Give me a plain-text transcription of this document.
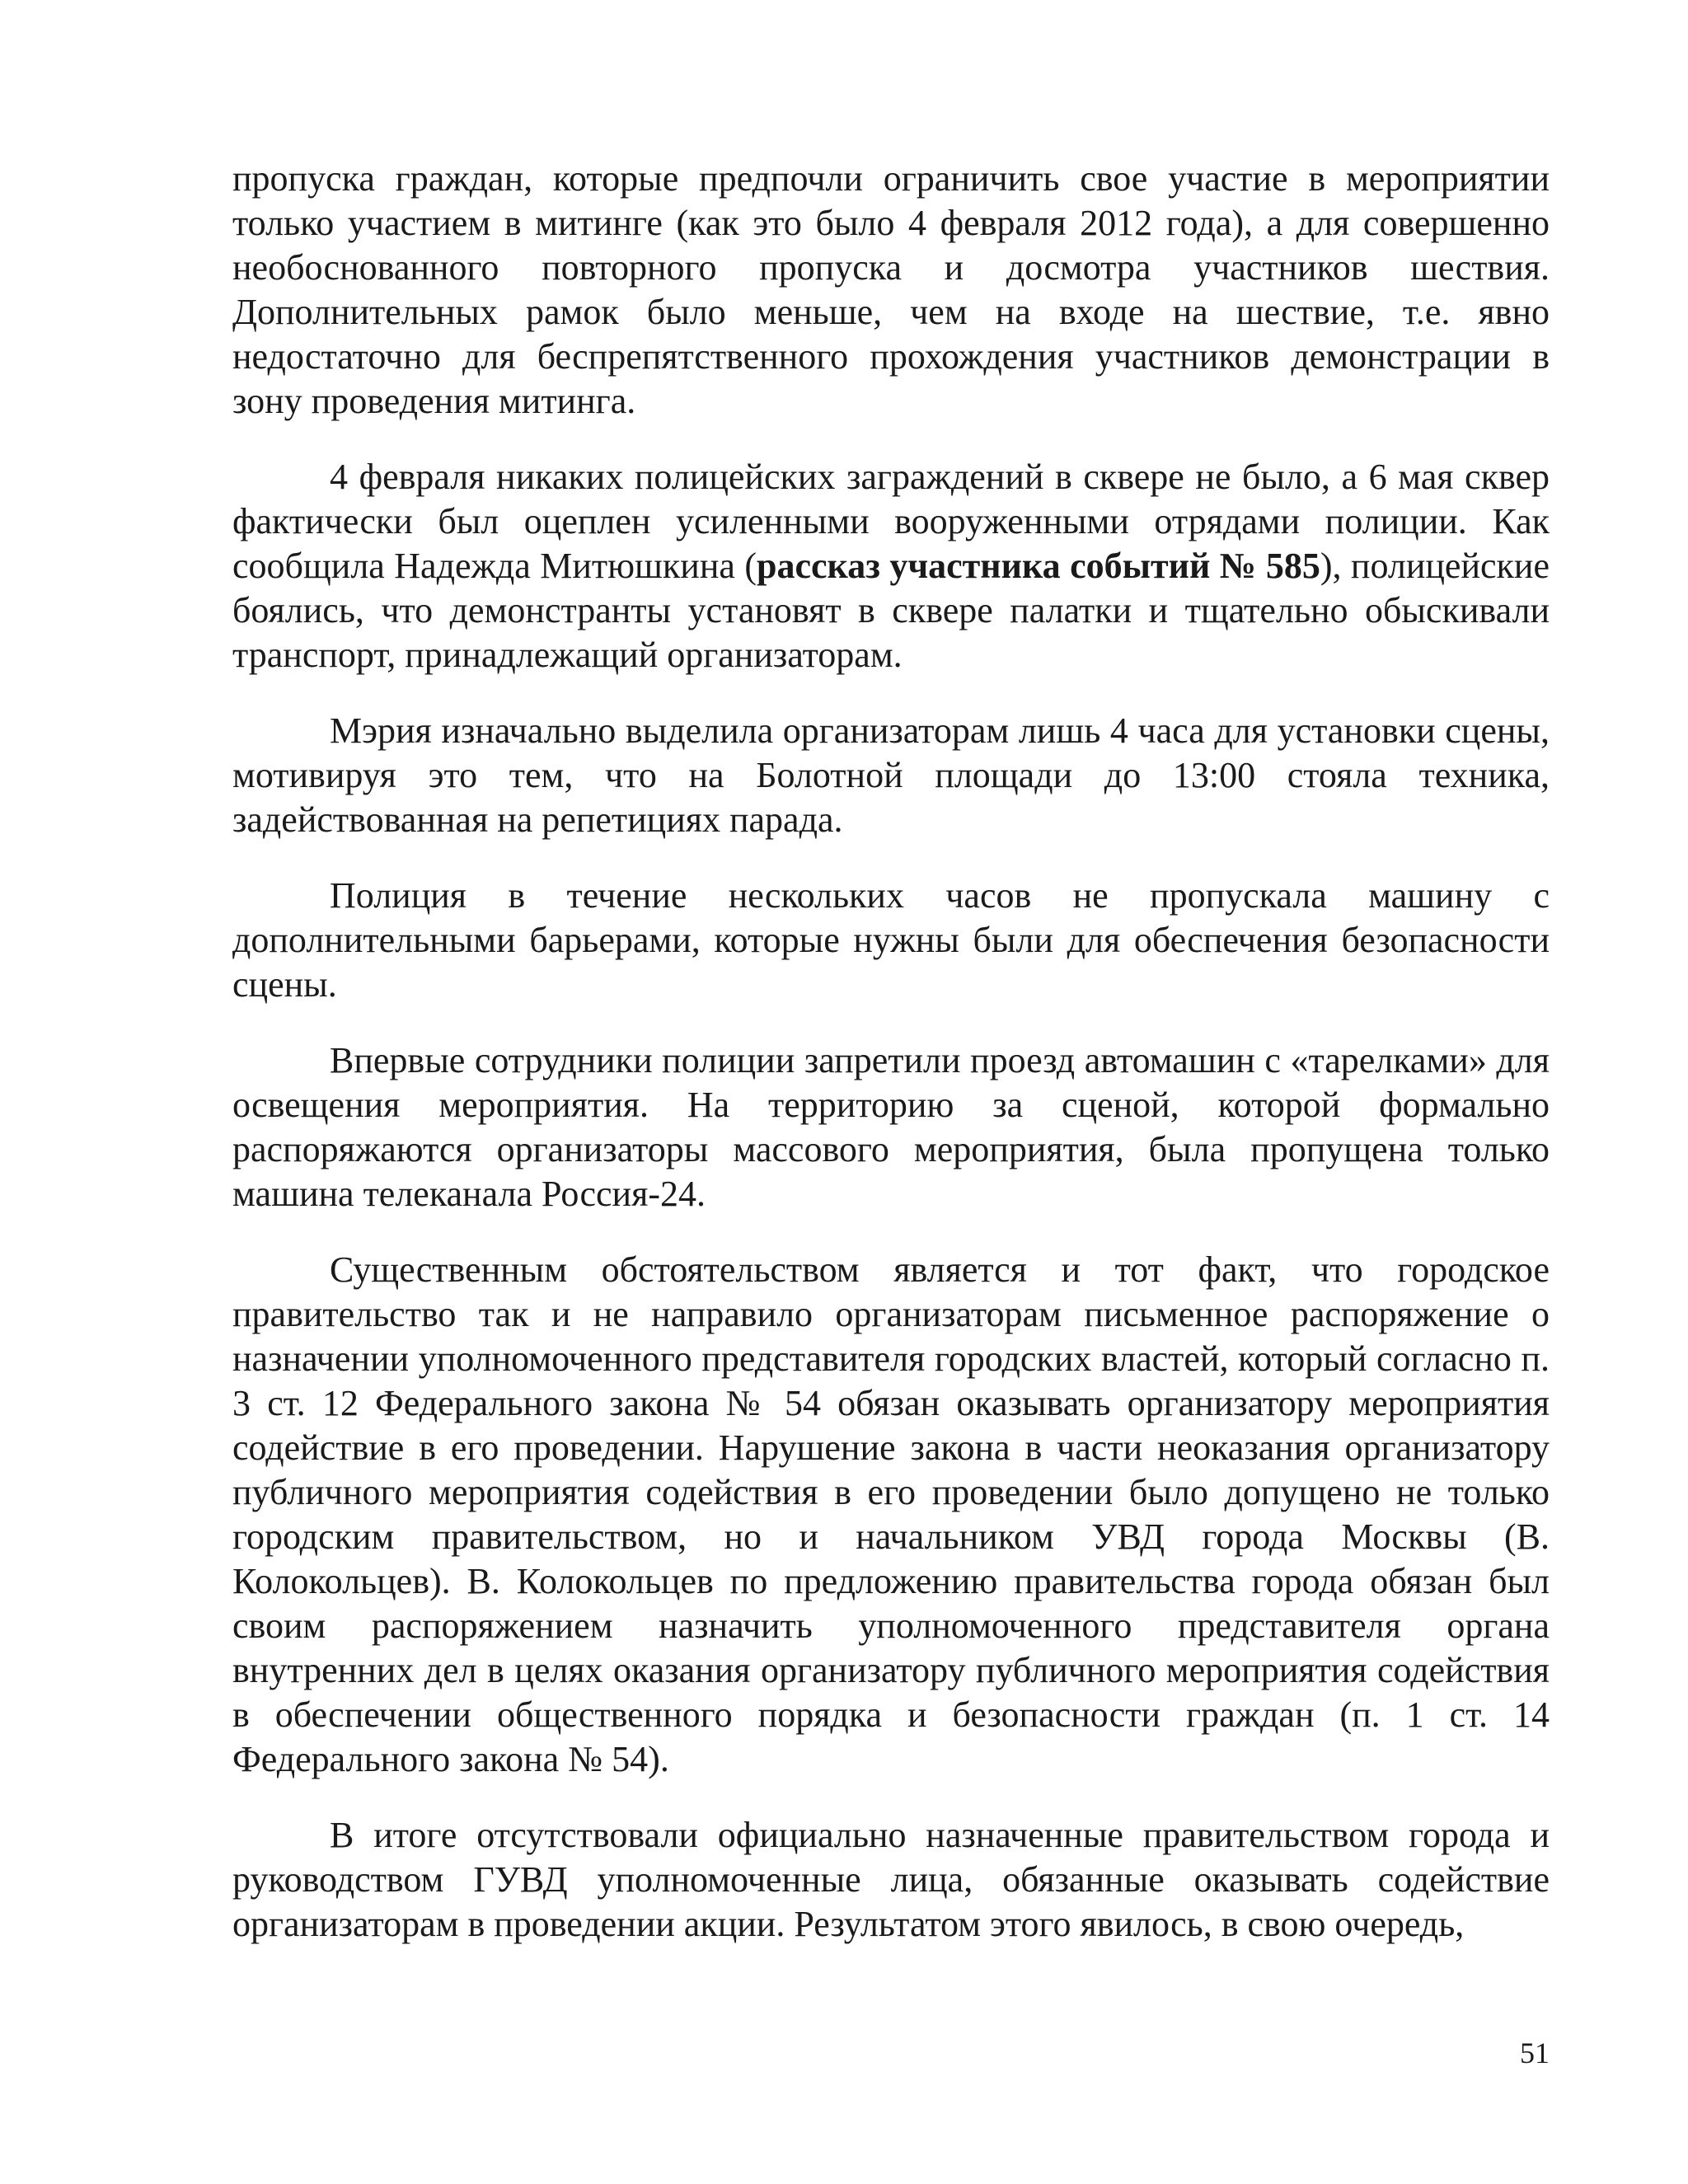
пропуска граждан, которые предпочли ограничить свое участие в мероприятии только участием в митинге (как это было 4 февраля 2012 года), а для совершенно необоснованного повторного пропуска и досмотра участников шествия. Дополнительных рамок было меньше, чем на входе на шествие, т.е. явно недостаточно для беспрепятственного прохождения участников демонстрации в зону проведения митинга.

4 февраля никаких полицейских заграждений в сквере не было, а 6 мая сквер фактически был оцеплен усиленными вооруженными отрядами полиции. Как сообщила Надежда Митюшкина (рассказ участника событий № 585), полицейские боялись, что демонстранты установят в сквере палатки и тщательно обыскивали транспорт, принадлежащий организаторам.

Мэрия изначально выделила организаторам лишь 4 часа для установки сцены, мотивируя это тем, что на Болотной площади до 13:00 стояла техника, задействованная на репетициях парада.

Полиция в течение нескольких часов не пропускала машину с дополнительными барьерами, которые нужны были для обеспечения безопасности сцены.

Впервые сотрудники полиции запретили проезд автомашин с «тарелками» для освещения мероприятия. На территорию за сценой, которой формально распоряжаются организаторы массового мероприятия, была пропущена только машина телеканала Россия-24.

Существенным обстоятельством является и тот факт, что городское правительство так и не направило организаторам письменное распоряжение о назначении уполномоченного представителя городских властей, который согласно п. 3 ст. 12 Федерального закона № 54 обязан оказывать организатору мероприятия содействие в его проведении. Нарушение закона в части неоказания организатору публичного мероприятия содействия в его проведении было допущено не только городским правительством, но и начальником УВД города Москвы (В. Колокольцев). В. Колокольцев по предложению правительства города обязан был своим распоряжением назначить уполномоченного представителя органа внутренних дел в целях оказания организатору публичного мероприятия содействия в обеспечении общественного порядка и безопасности граждан (п. 1 ст. 14 Федерального закона № 54).

В итоге отсутствовали официально назначенные правительством города и руководством ГУВД уполномоченные лица, обязанные оказывать содействие организаторам в проведении акции. Результатом этого явилось, в свою очередь,

51
